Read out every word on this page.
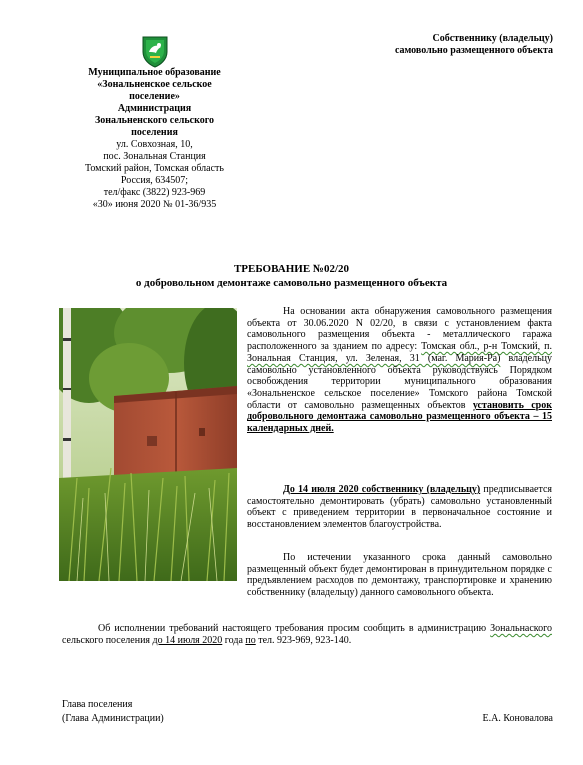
Собственнику (владельцу)
самовольно размещенного объекта
Муниципальное образование
«Зональненское сельское
поселение»
Администрация
Зональненского сельского
поселения
ул. Совхозная, 10,
пос. Зональная Станция
Томский район, Томская область
Россия, 634507;
тел/факс (3822) 923-969
«30» июня 2020 № 01-36/935
ТРЕБОВАНИЕ №02/20
о добровольном демонтаже самовольно размещенного объекта
На основании акта обнаружения самовольного размещения объекта от 30.06.2020 N 02/20, в связи с установлением факта самовольного размещения объекта - металлического гаража расположенного за зданием по адресу: Томская обл., р-н Томский, п. Зональная Станция, ул. Зеленая, 31 (маг. Мария-Ра) владельцу самовольно установленного объекта руководствуясь Порядком освобождения территории муниципального образования «Зональненское сельское поселение» Томского района Томской области от самовольно размещенных объектов установить срок добровольного демонтажа самовольно размещенного объекта – 15 календарных дней.
До 14 июля 2020 собственнику (владельцу) предписывается самостоятельно демонтировать (убрать) самовольно установленный объект с приведением территории в первоначальное состояние и восстановлением элементов благоустройства.
По истечении указанного срока данный самовольно размещенный объект будет демонтирован в принудительном порядке с предъявлением расходов по демонтажу, транспортировке и хранению собственнику (владельцу) данного самовольного объекта.
Об исполнении требований настоящего требования просим сообщить в администрацию Зональнаского сельского поселения до 14 июля 2020 года по тел. 923-969, 923-140.
Глава поселения
(Глава Администрации)	Е.А. Коновалова
